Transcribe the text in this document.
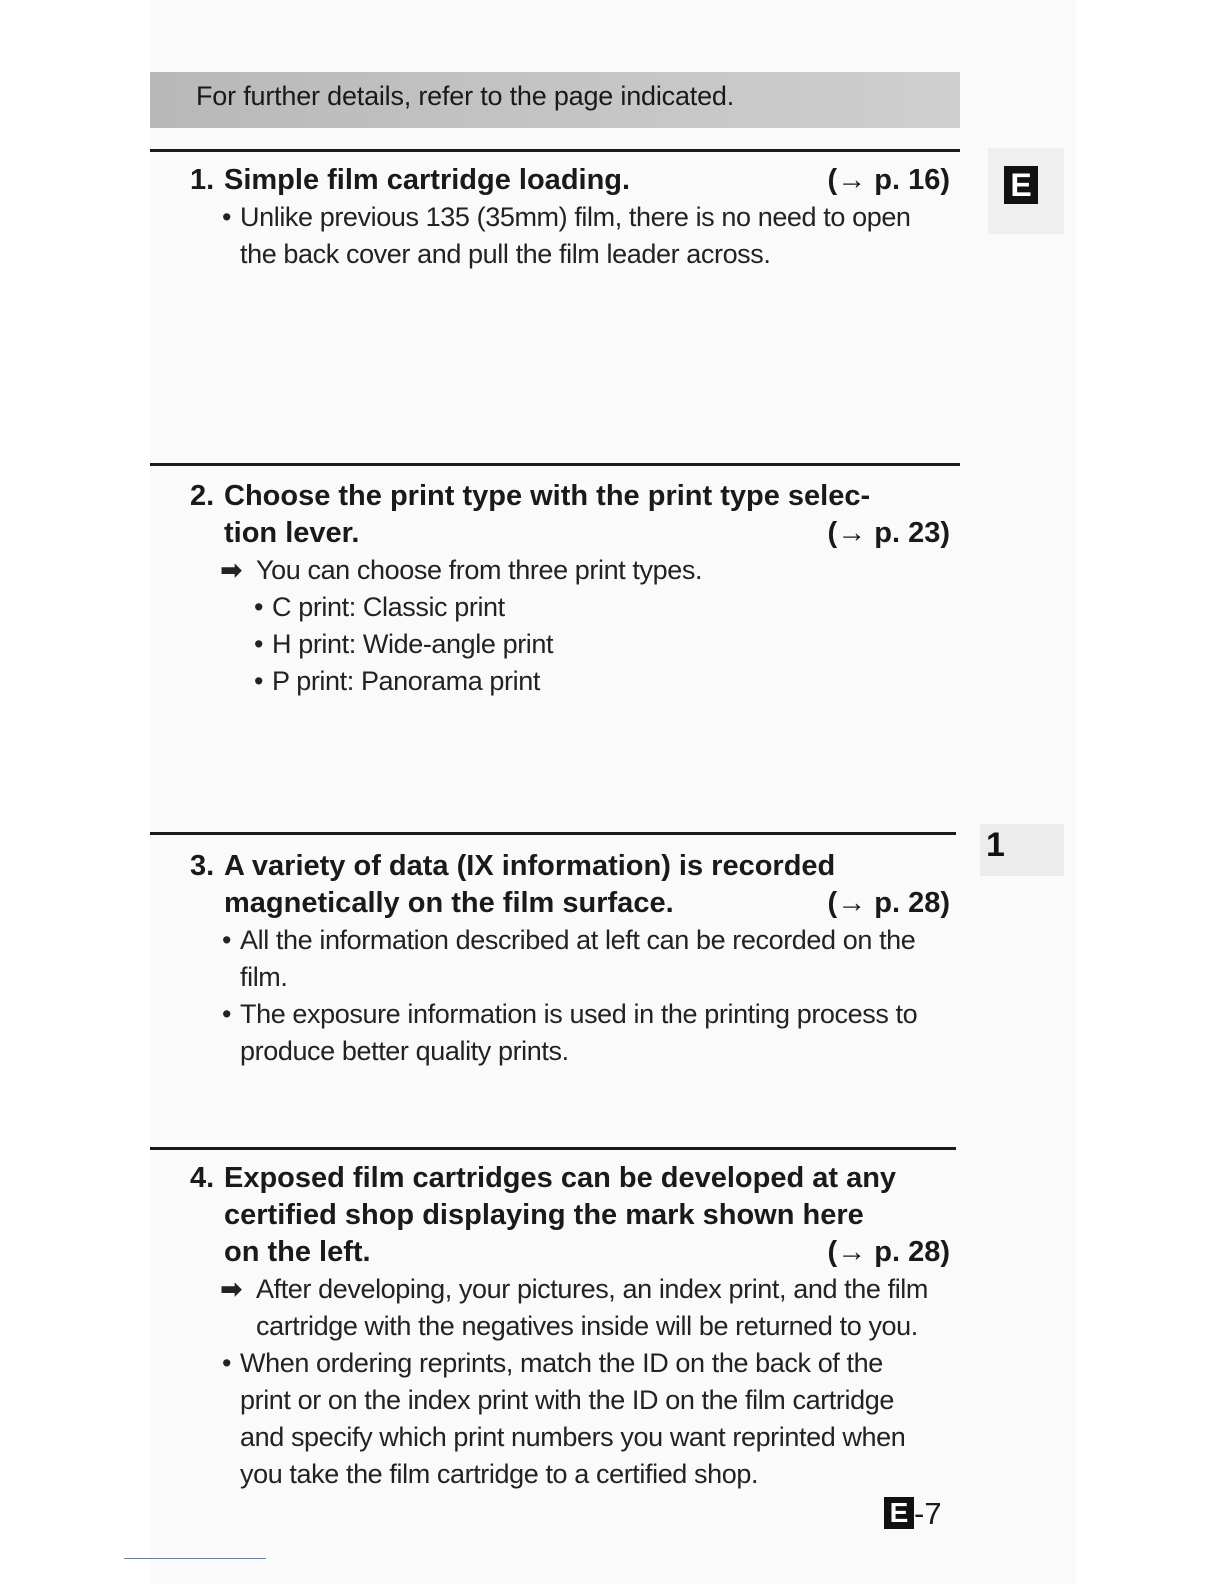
For further details, refer to the page indicated.
E
1
1. Simple film cartridge loading.	(→ p. 16)
• Unlike previous 135 (35mm) film, there is no need to open
the back cover and pull the film leader across.
2. Choose the print type with the print type selec-
tion lever.	(→ p. 23)
➡ You can choose from three print types.
• C print: Classic print
• H print: Wide-angle print
• P print: Panorama print
3. A variety of data (IX information) is recorded
magnetically on the film surface.	(→ p. 28)
• All the information described at left can be recorded on the
film.
• The exposure information is used in the printing process to
produce better quality prints.
4. Exposed film cartridges can be developed at any
certified shop displaying the mark shown here
on the left.	(→ p. 28)
➡ After developing, your pictures, an index print, and the film
cartridge with the negatives inside will be returned to you.
• When ordering reprints, match the ID on the back of the
print or on the index print with the ID on the film cartridge
and specify which print numbers you want reprinted when
you take the film cartridge to a certified shop.
E -7
